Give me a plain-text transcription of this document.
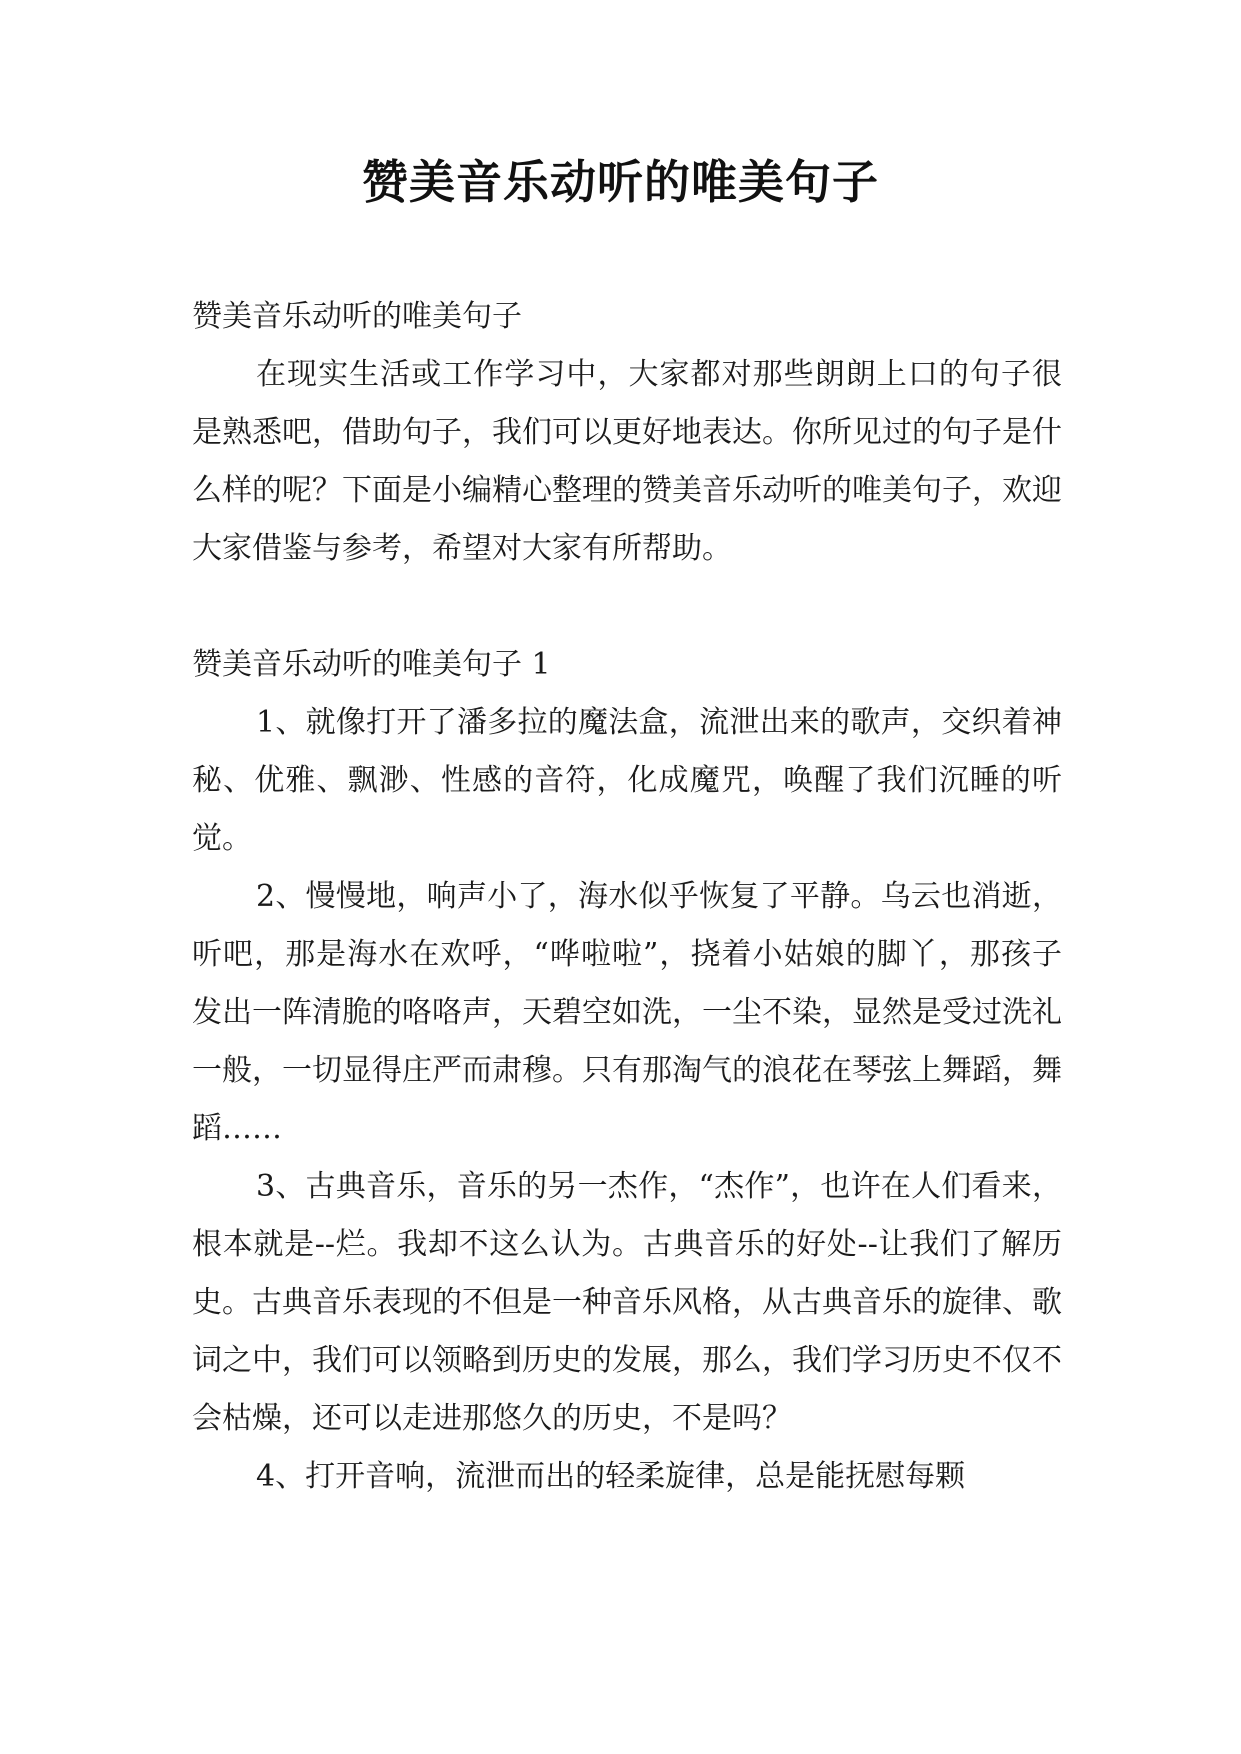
赞美音乐动听的唯美句子

赞美音乐动听的唯美句子

在现实生活或工作学习中，大家都对那些朗朗上口的句子很是熟悉吧，借助句子，我们可以更好地表达。你所见过的句子是什么样的呢？下面是小编精心整理的赞美音乐动听的唯美句子，欢迎大家借鉴与参考，希望对大家有所帮助。

赞美音乐动听的唯美句子 1

1、就像打开了潘多拉的魔法盒，流泄出来的歌声，交织着神秘、优雅、飘渺、性感的音符，化成魔咒，唤醒了我们沉睡的听觉。

2、慢慢地，响声小了，海水似乎恢复了平静。乌云也消逝，听吧，那是海水在欢呼，“哗啦啦”，挠着小姑娘的脚丫，那孩子发出一阵清脆的咯咯声，天碧空如洗，一尘不染，显然是受过洗礼一般，一切显得庄严而肃穆。只有那淘气的浪花在琴弦上舞蹈，舞蹈……

3、古典音乐，音乐的另一杰作，“杰作”，也许在人们看来，根本就是--烂。我却不这么认为。古典音乐的好处--让我们了解历史。古典音乐表现的不但是一种音乐风格，从古典音乐的旋律、歌词之中，我们可以领略到历史的发展，那么，我们学习历史不仅不会枯燥，还可以走进那悠久的历史，不是吗？

4、打开音响，流泄而出的轻柔旋律，总是能抚慰每颗
